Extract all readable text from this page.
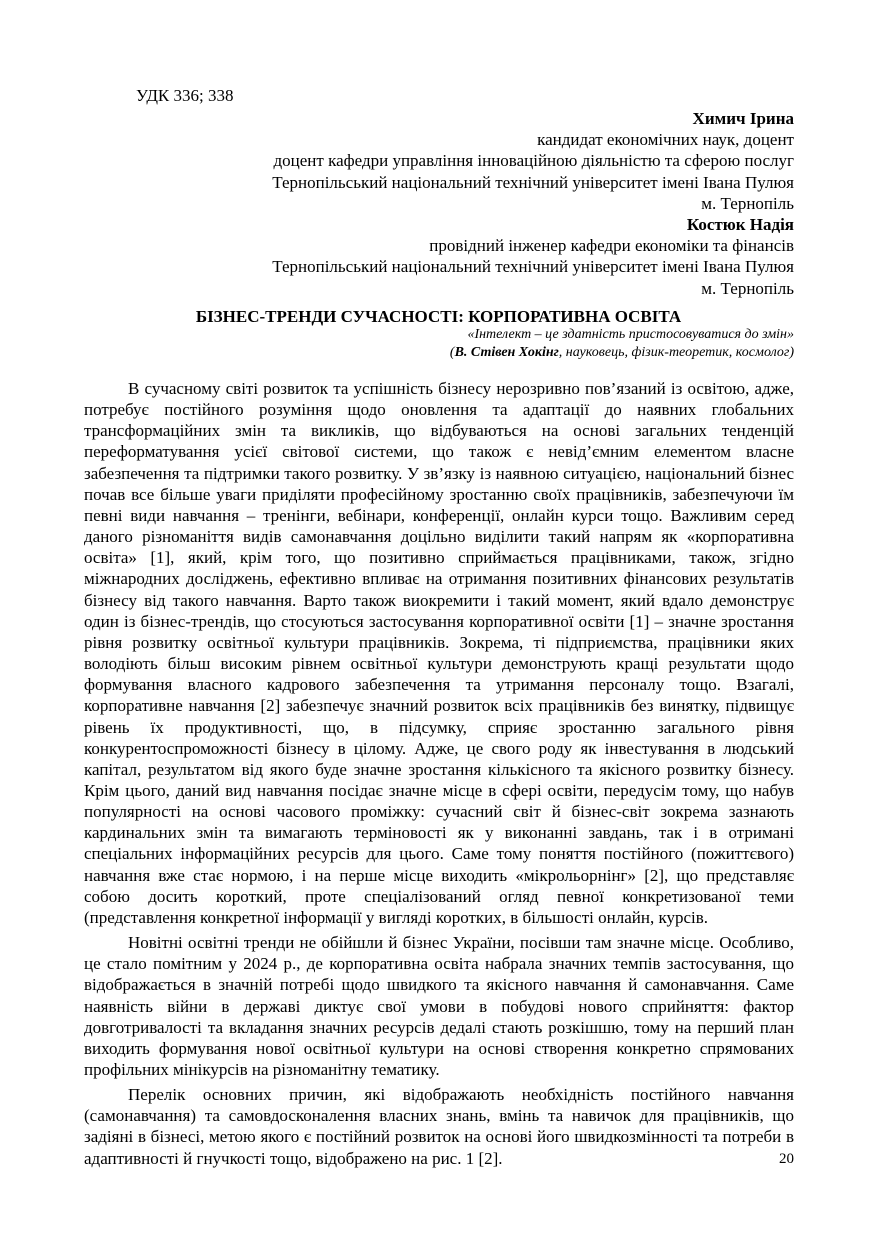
УДК 336; 338
Химич Ірина
кандидат економічних наук, доцент
доцент кафедри управління інноваційною діяльністю та сферою послуг
Тернопільський національний технічний університет імені Івана Пулюя
м. Тернопіль
Костюк Надія
провідний інженер кафедри економіки та фінансів
Тернопільський національний технічний університет імені Івана Пулюя
м. Тернопіль
БІЗНЕС-ТРЕНДИ СУЧАСНОСТІ: КОРПОРАТИВНА ОСВІТА
«Інтелект – це здатність пристосовуватися до змін»
(В. Стівен Хокінг, науковець, фізик-теоретик, космолог)

В сучасному світі розвиток та успішність бізнесу нерозривно пов’язаний із освітою, адже, потребує постійного розуміння щодо оновлення та адаптації до наявних глобальних трансформаційних змін та викликів, що відбуваються на основі загальних тенденцій переформатування усієї світової системи, що також є невід’ємним елементом власне забезпечення та підтримки такого розвитку. У зв’язку із наявною ситуацією, національний бізнес почав все більше уваги приділяти професійному зростанню своїх працівників, забезпечуючи їм певні види навчання – тренінги, вебінари, конференції, онлайн курси тощо. Важливим серед даного різноманіття видів самонавчання доцільно виділити такий напрям як «корпоративна освіта» [1], який, крім того, що позитивно сприймається працівниками, також, згідно міжнародних досліджень, ефективно впливає на отримання позитивних фінансових результатів бізнесу від такого навчання. Варто також виокремити і такий момент, який вдало демонструє один із бізнес-трендів, що стосуються застосування корпоративної освіти [1] – значне зростання рівня розвитку освітньої культури працівників. Зокрема, ті підприємства, працівники яких володіють більш високим рівнем освітньої культури демонструють кращі результати щодо формування власного кадрового забезпечення та утримання персоналу тощо. Взагалі, корпоративне навчання [2] забезпечує значний розвиток всіх працівників без винятку, підвищує рівень їх продуктивності, що, в підсумку, сприяє зростанню загального рівня конкурентоспроможності бізнесу в цілому. Адже, це свого роду як інвестування в людський капітал, результатом від якого буде значне зростання кількісного та якісного розвитку бізнесу. Крім цього, даний вид навчання посідає значне місце в сфері освіти, передусім тому, що набув популярності на основі часового проміжку: сучасний світ й бізнес-світ зокрема зазнають кардинальних змін та вимагають терміновості як у виконанні завдань, так і в отримані спеціальних інформаційних ресурсів для цього. Саме тому поняття постійного (пожиттєвого) навчання вже стає нормою, і на перше місце виходить «мікрольорнінг» [2], що представляє собою досить короткий, проте спеціалізований огляд певної конкретизованої теми (представлення конкретної інформації у вигляді коротких, в більшості онлайн, курсів.

Новітні освітні тренди не обійшли й бізнес України, посівши там значне місце. Особливо, це стало помітним у 2024 р., де корпоративна освіта набрала значних темпів застосування, що відображається в значній потребі щодо швидкого та якісного навчання й самонавчання. Саме наявність війни в державі диктує свої умови в побудові нового сприйняття: фактор довготривалості та вкладання значних ресурсів дедалі стають розкішшю, тому на перший план виходить формування нової освітньої культури на основі створення конкретно спрямованих профільних мінікурсів на різноманітну тематику.

Перелік основних причин, які відображають необхідність постійного навчання (самонавчання) та самовдосконалення власних знань, вмінь та навичок для працівників, що задіяні в бізнесі, метою якого є постійний розвиток на основі його швидкозмінності та потреби в адаптивності й гнучкості тощо, відображено на рис. 1 [2].	20
